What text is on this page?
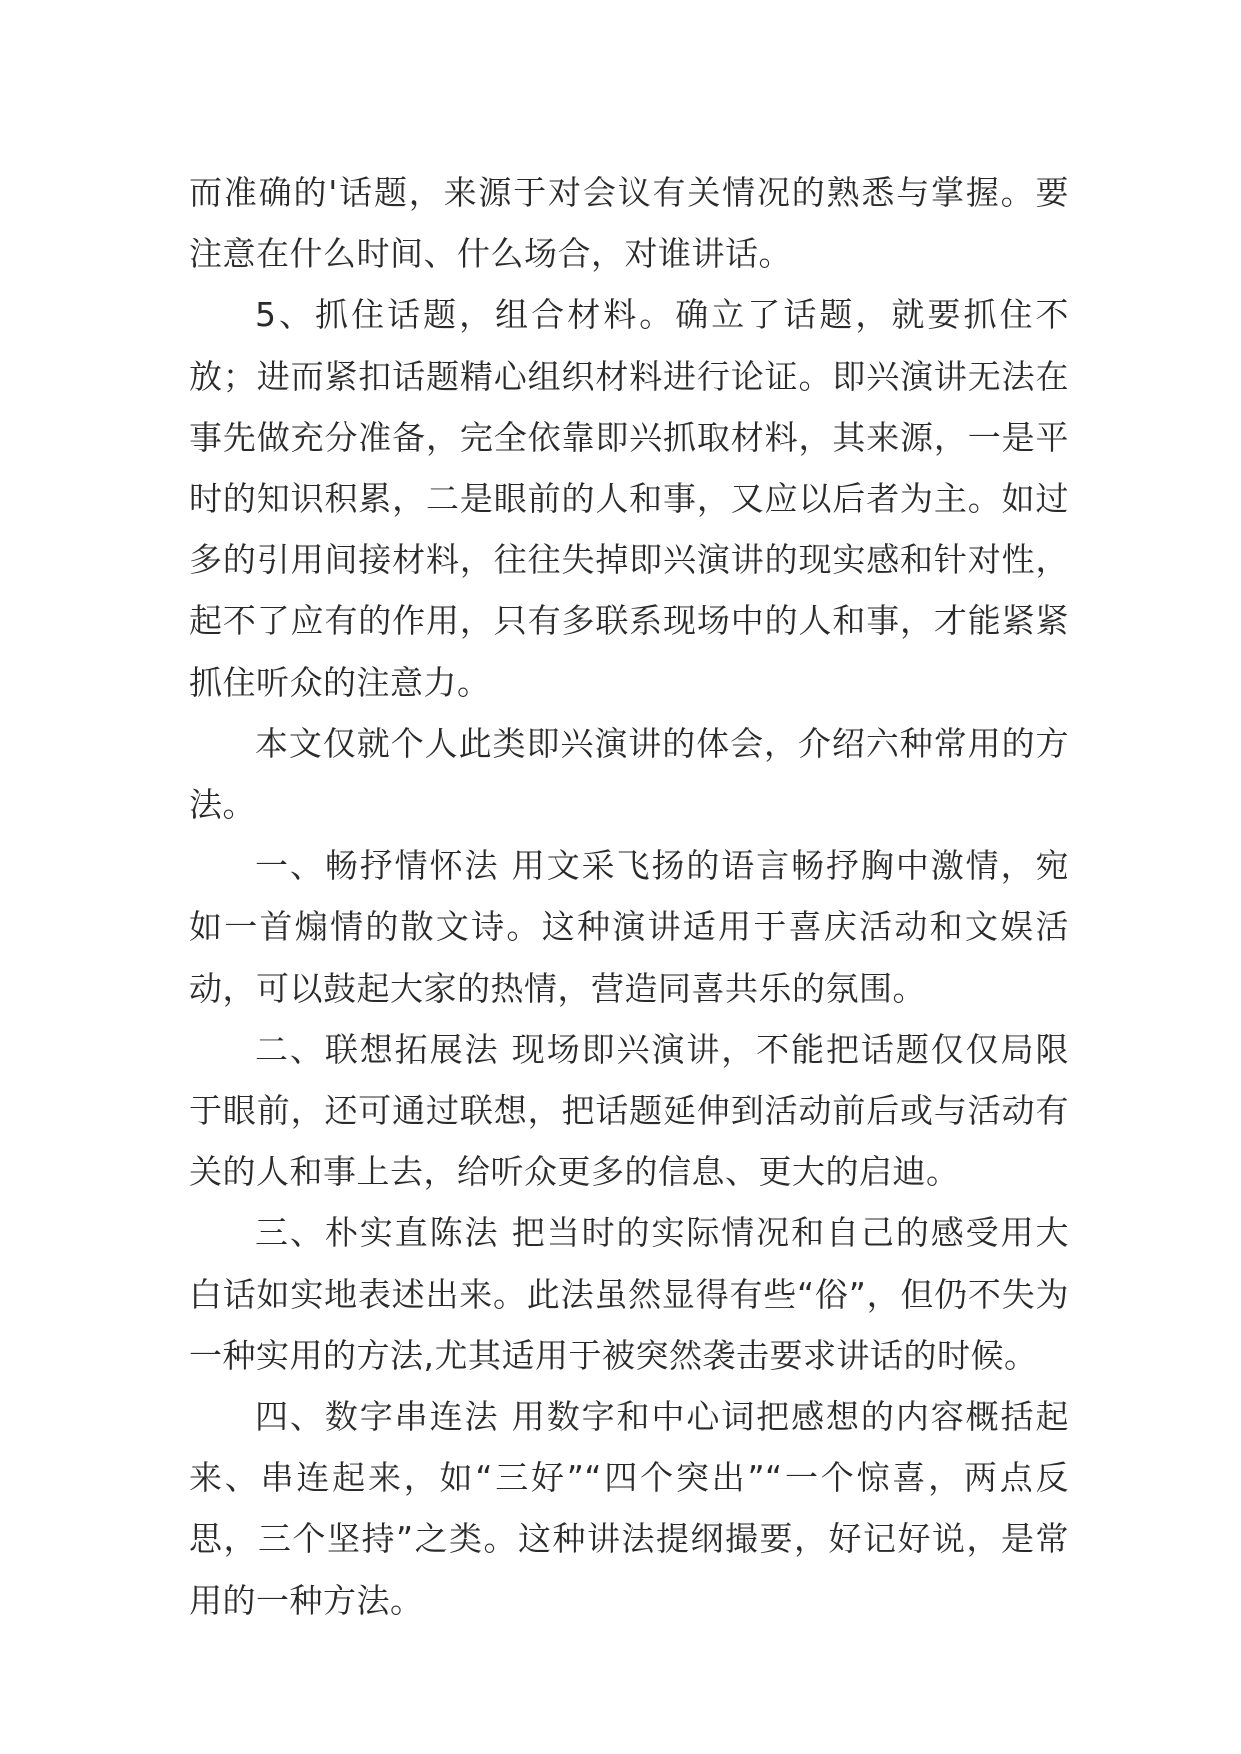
而准确的'话题，来源于对会议有关情况的熟悉与掌握。要注意在什么时间、什么场合，对谁讲话。

5、抓住话题，组合材料。确立了话题，就要抓住不放；进而紧扣话题精心组织材料进行论证。即兴演讲无法在事先做充分准备，完全依靠即兴抓取材料，其来源，一是平时的知识积累，二是眼前的人和事，又应以后者为主。如过多的引用间接材料，往往失掉即兴演讲的现实感和针对性，起不了应有的作用，只有多联系现场中的人和事，才能紧紧抓住听众的注意力。

本文仅就个人此类即兴演讲的体会，介绍六种常用的方法。

一、畅抒情怀法 用文采飞扬的语言畅抒胸中激情，宛如一首煽情的散文诗。这种演讲适用于喜庆活动和文娱活动，可以鼓起大家的热情，营造同喜共乐的氛围。

二、联想拓展法 现场即兴演讲，不能把话题仅仅局限于眼前，还可通过联想，把话题延伸到活动前后或与活动有关的人和事上去，给听众更多的信息、更大的启迪。

三、朴实直陈法 把当时的实际情况和自己的感受用大白话如实地表述出来。此法虽然显得有些“俗”，但仍不失为一种实用的方法,尤其适用于被突然袭击要求讲话的时候。

四、数字串连法 用数字和中心词把感想的内容概括起来、串连起来，如“三好”“四个突出”“一个惊喜，两点反思，三个坚持”之类。这种讲法提纲撮要，好记好说，是常用的一种方法。
